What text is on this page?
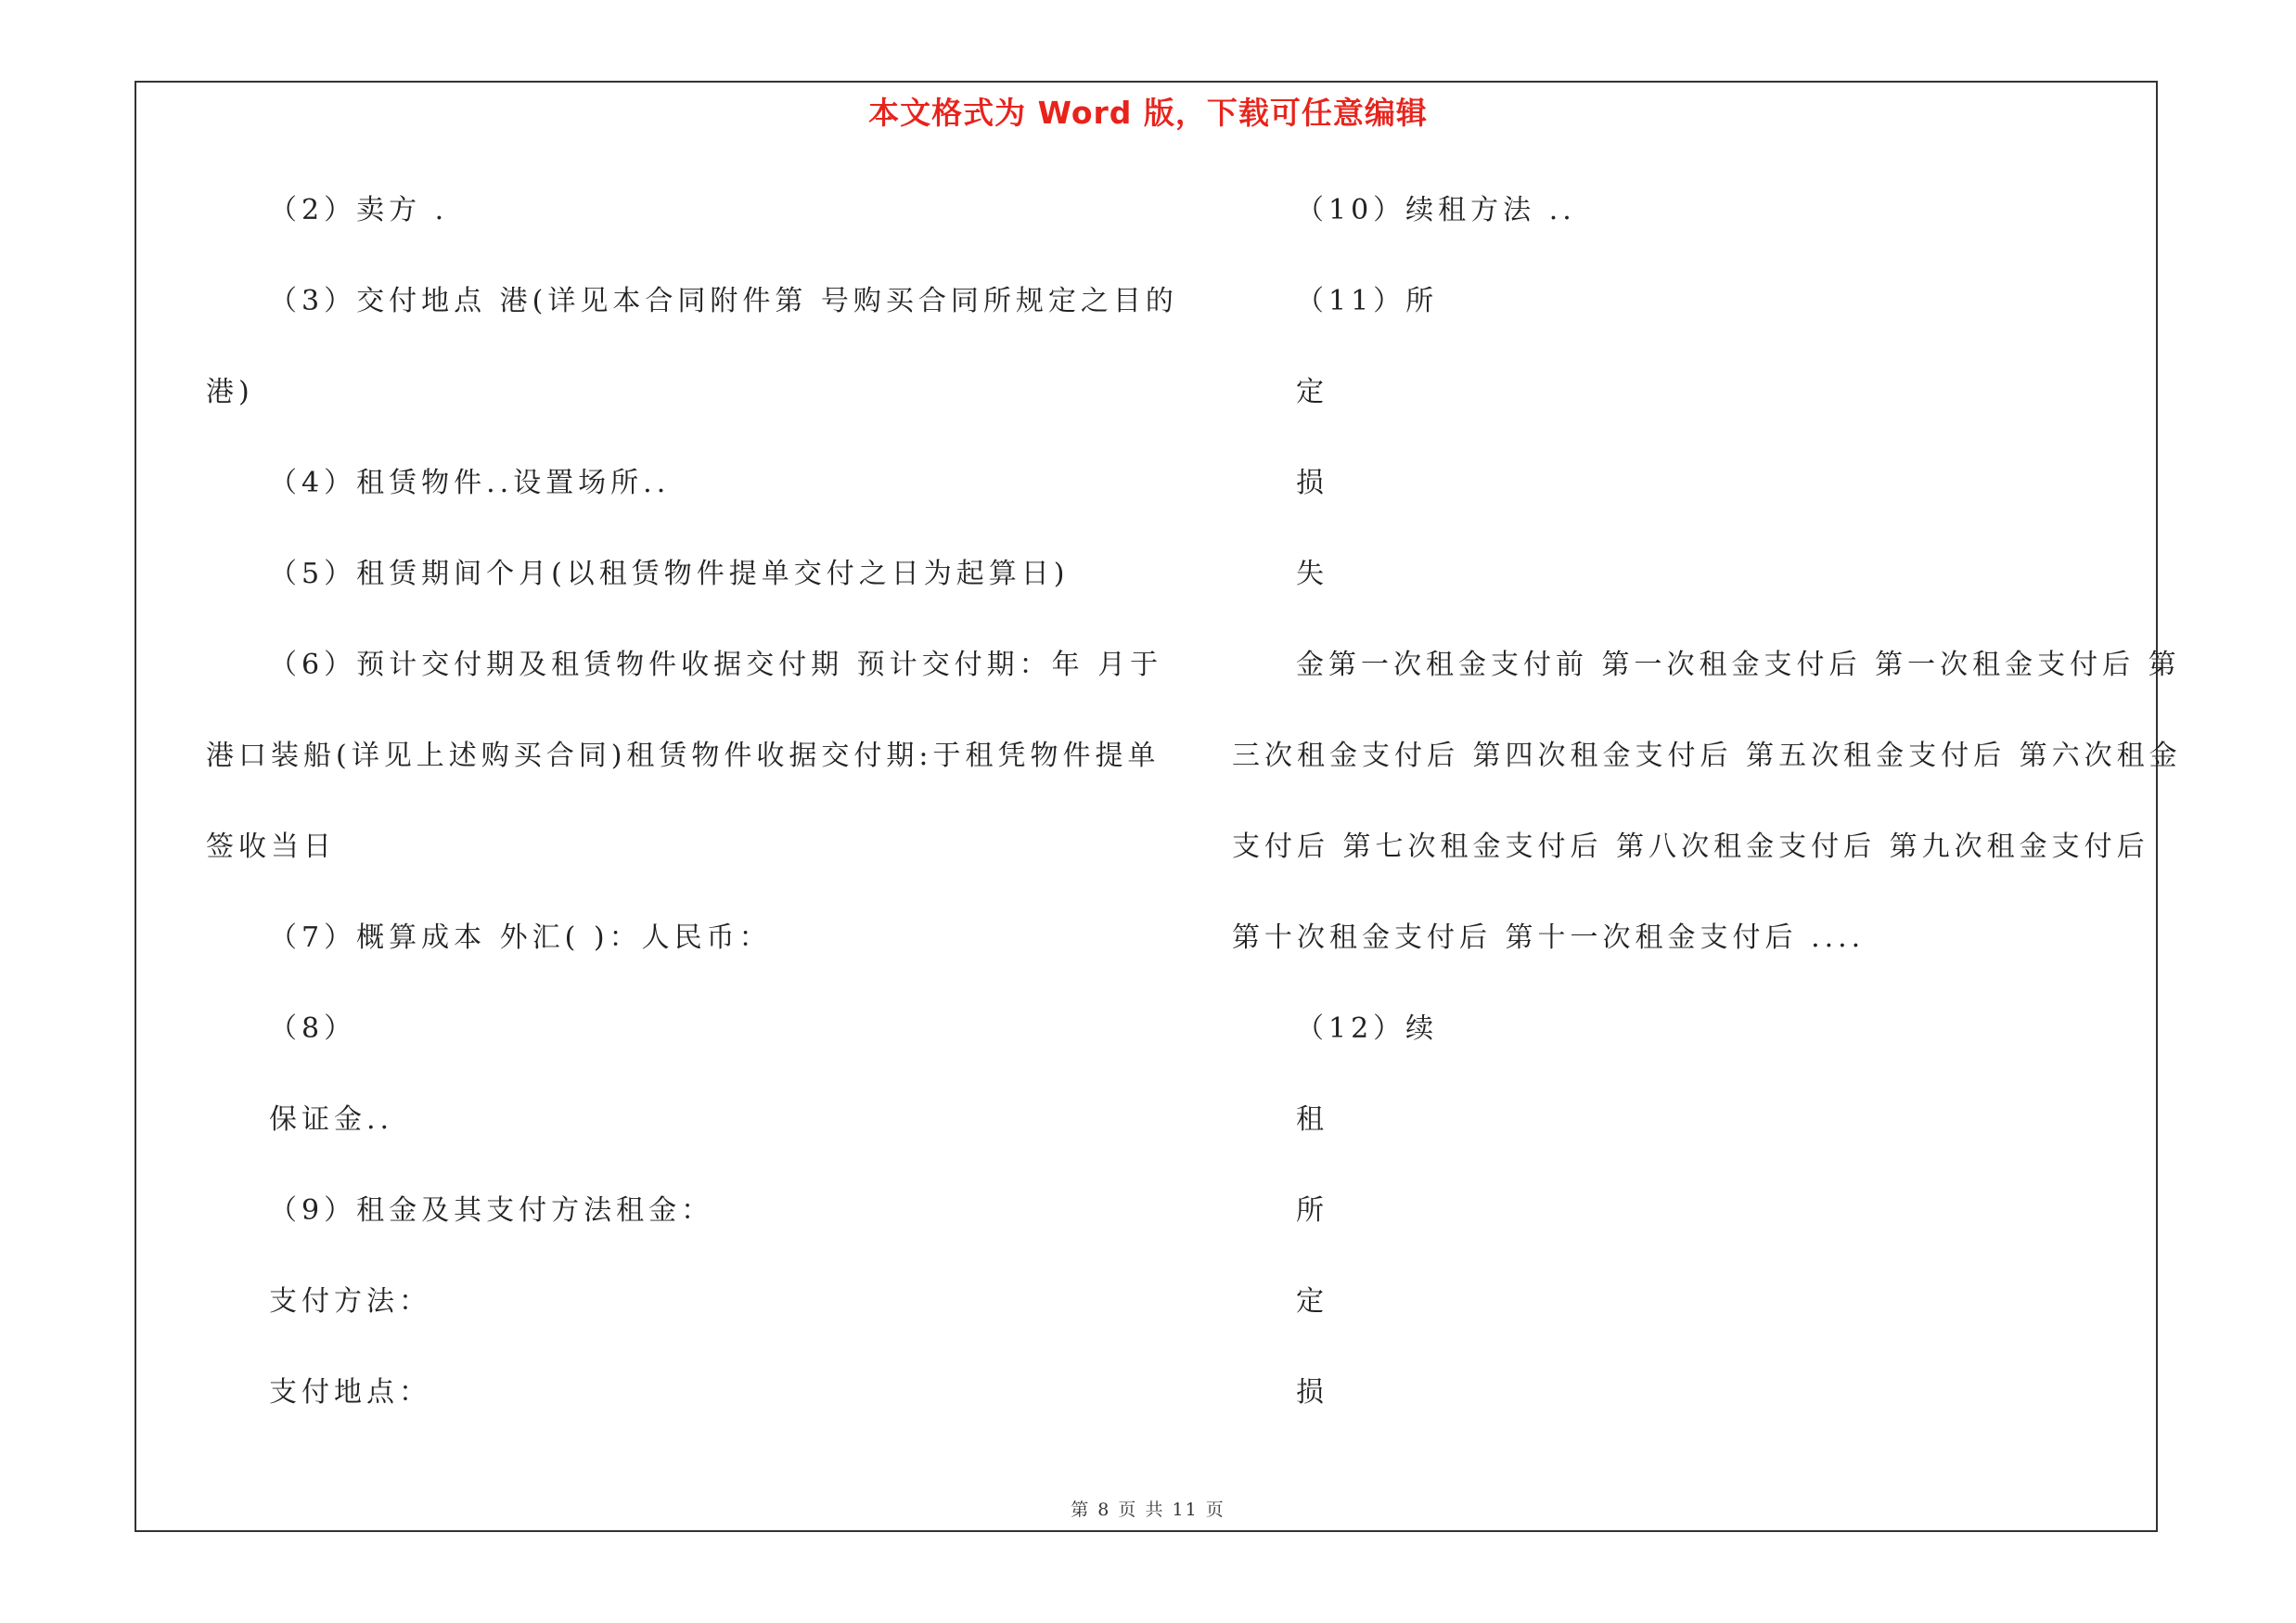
本文格式为 Word 版，下载可任意编辑
（2）卖方 .
（3）交付地点 港(详见本合同附件第 号购买合同所规定之目的
港)
（4）租赁物件..设置场所..
（5）租赁期间个月(以租赁物件提单交付之日为起算日)
（6）预计交付期及租赁物件收据交付期 预计交付期：年 月于
港口装船(详见上述购买合同)租赁物件收据交付期:于租凭物件提单
签收当日
（7）概算成本 外汇( )：人民币：
（8）
保证金..
（9）租金及其支付方法租金：
支付方法：
支付地点：
（10）续租方法 ..
（11）所
定
损
失
金第一次租金支付前 第一次租金支付后 第一次租金支付后 第
三次租金支付后 第四次租金支付后 第五次租金支付后 第六次租金
支付后 第七次租金支付后 第八次租金支付后 第九次租金支付后
第十次租金支付后 第十一次租金支付后 ....
（12）续
租
所
定
损
第 8 页 共 11 页
